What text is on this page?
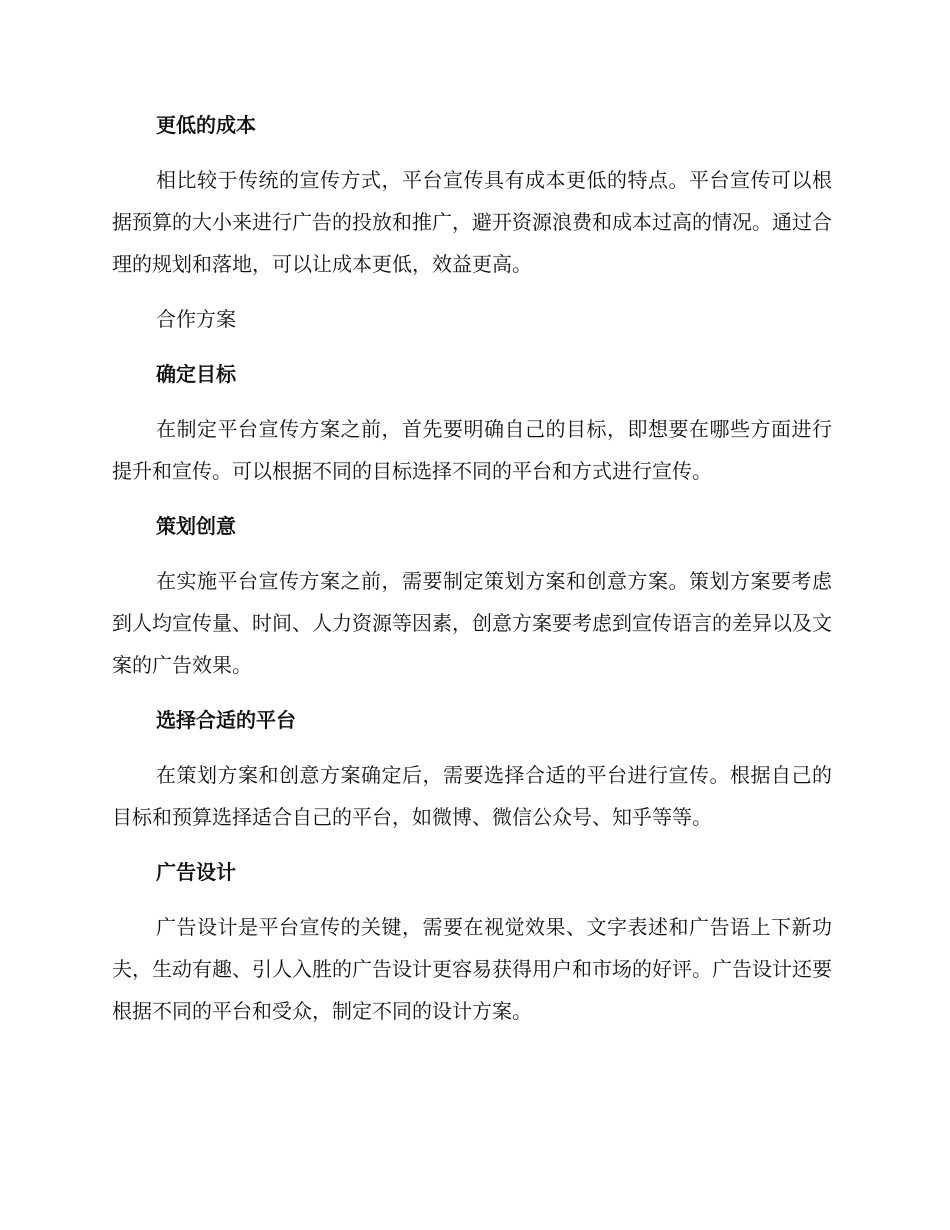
更低的成本

相比较于传统的宣传方式，平台宣传具有成本更低的特点。平台宣传可以根据预算的大小来进行广告的投放和推广，避开资源浪费和成本过高的情况。通过合理的规划和落地，可以让成本更低，效益更高。

合作方案
确定目标

在制定平台宣传方案之前，首先要明确自己的目标，即想要在哪些方面进行提升和宣传。可以根据不同的目标选择不同的平台和方式进行宣传。

策划创意

在实施平台宣传方案之前，需要制定策划方案和创意方案。策划方案要考虑到人均宣传量、时间、人力资源等因素，创意方案要考虑到宣传语言的差异以及文案的广告效果。

选择合适的平台

在策划方案和创意方案确定后，需要选择合适的平台进行宣传。根据自己的目标和预算选择适合自己的平台，如微博、微信公众号、知乎等等。

广告设计

广告设计是平台宣传的关键，需要在视觉效果、文字表述和广告语上下新功夫，生动有趣、引人入胜的广告设计更容易获得用户和市场的好评。广告设计还要根据不同的平台和受众，制定不同的设计方案。
